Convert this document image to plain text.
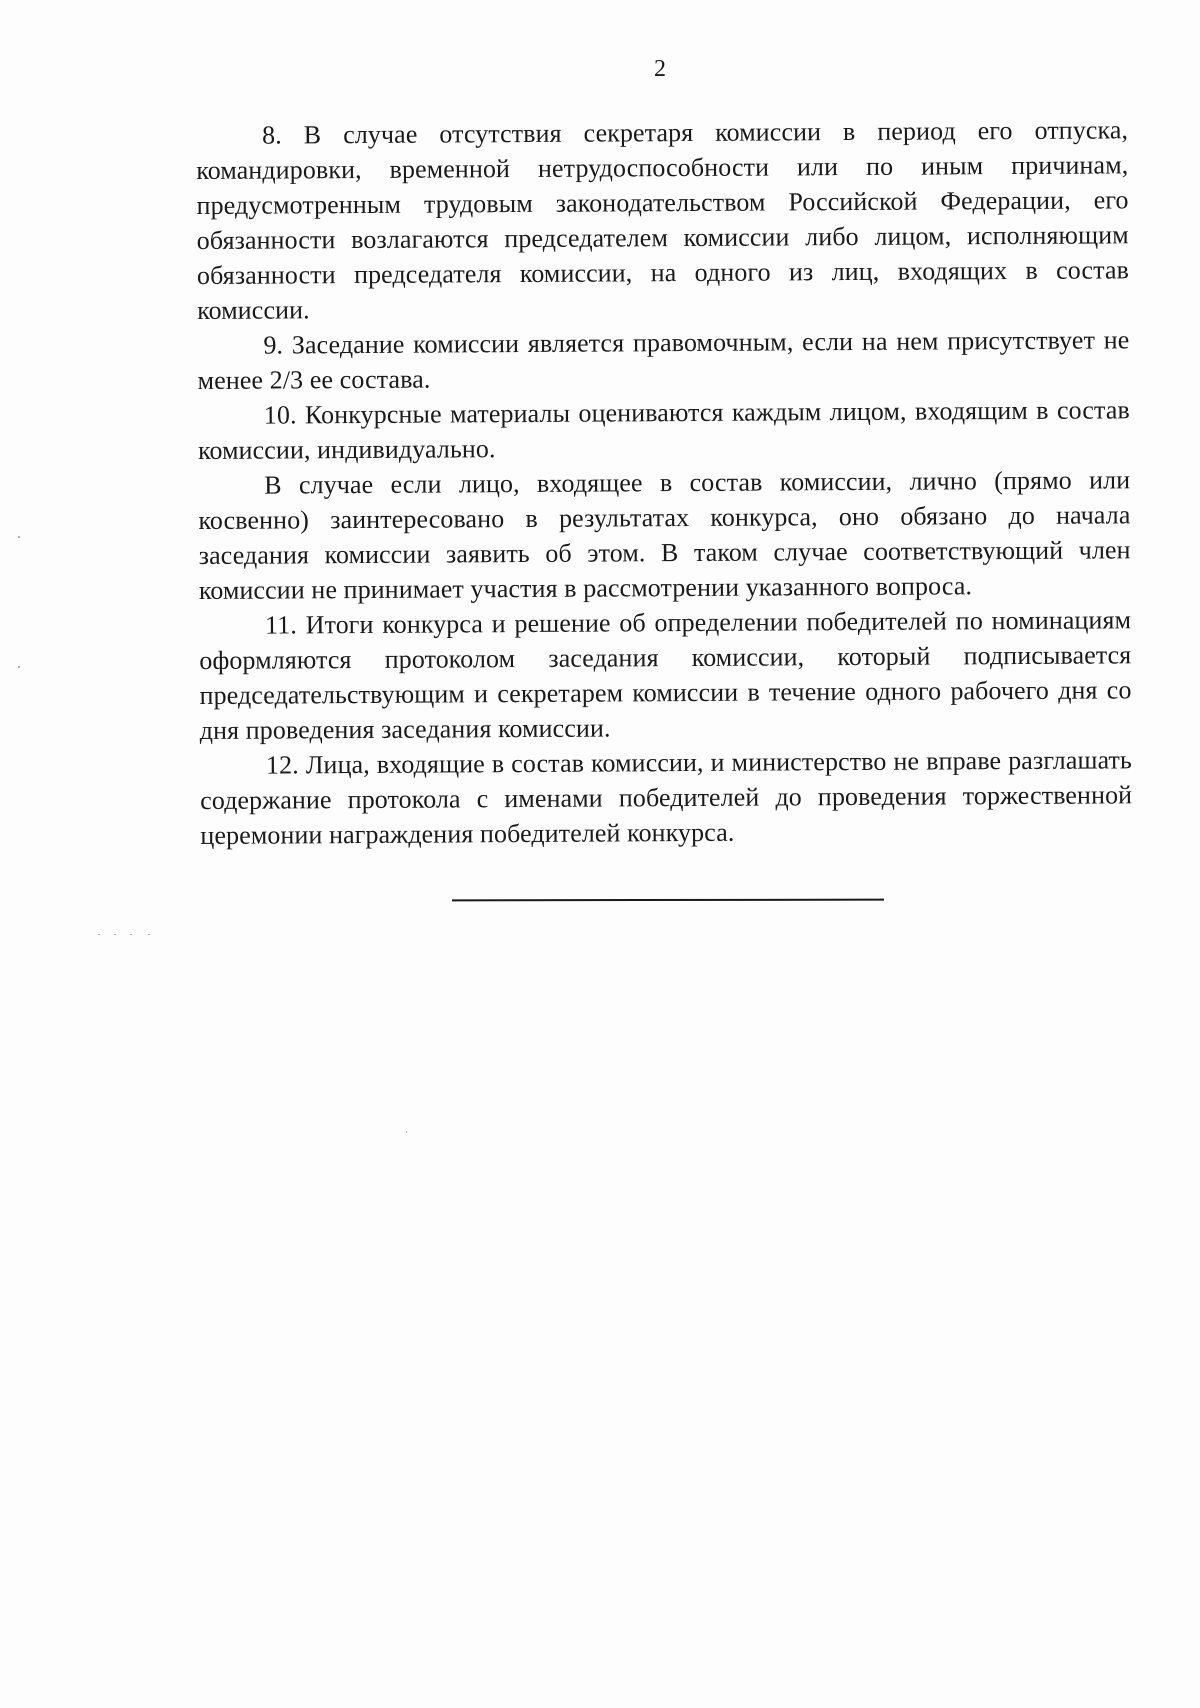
2

8. В случае отсутствия секретаря комиссии в период его отпуска, командировки, временной нетрудоспособности или по иным причинам, предусмотренным трудовым законодательством Российской Федерации, его обязанности возлагаются председателем комиссии либо лицом, исполняющим обязанности председателя комиссии, на одного из лиц, входящих в состав комиссии.

9. Заседание комиссии является правомочным, если на нем присутствует не менее 2/3 ее состава.

10. Конкурсные материалы оцениваются каждым лицом, входящим в состав комиссии, индивидуально.

В случае если лицо, входящее в состав комиссии, лично (прямо или косвенно) заинтересовано в результатах конкурса, оно обязано до начала заседания комиссии заявить об этом. В таком случае соответствующий член комиссии не принимает участия в рассмотрении указанного вопроса.

11. Итоги конкурса и решение об определении победителей по номинациям оформляются протоколом заседания комиссии, который подписывается председательствующим и секретарем комиссии в течение одного рабочего дня со дня проведения заседания комиссии.

12. Лица, входящие в состав комиссии, и министерство не вправе разглашать содержание протокола с именами победителей до проведения торжественной церемонии награждения победителей конкурса.
